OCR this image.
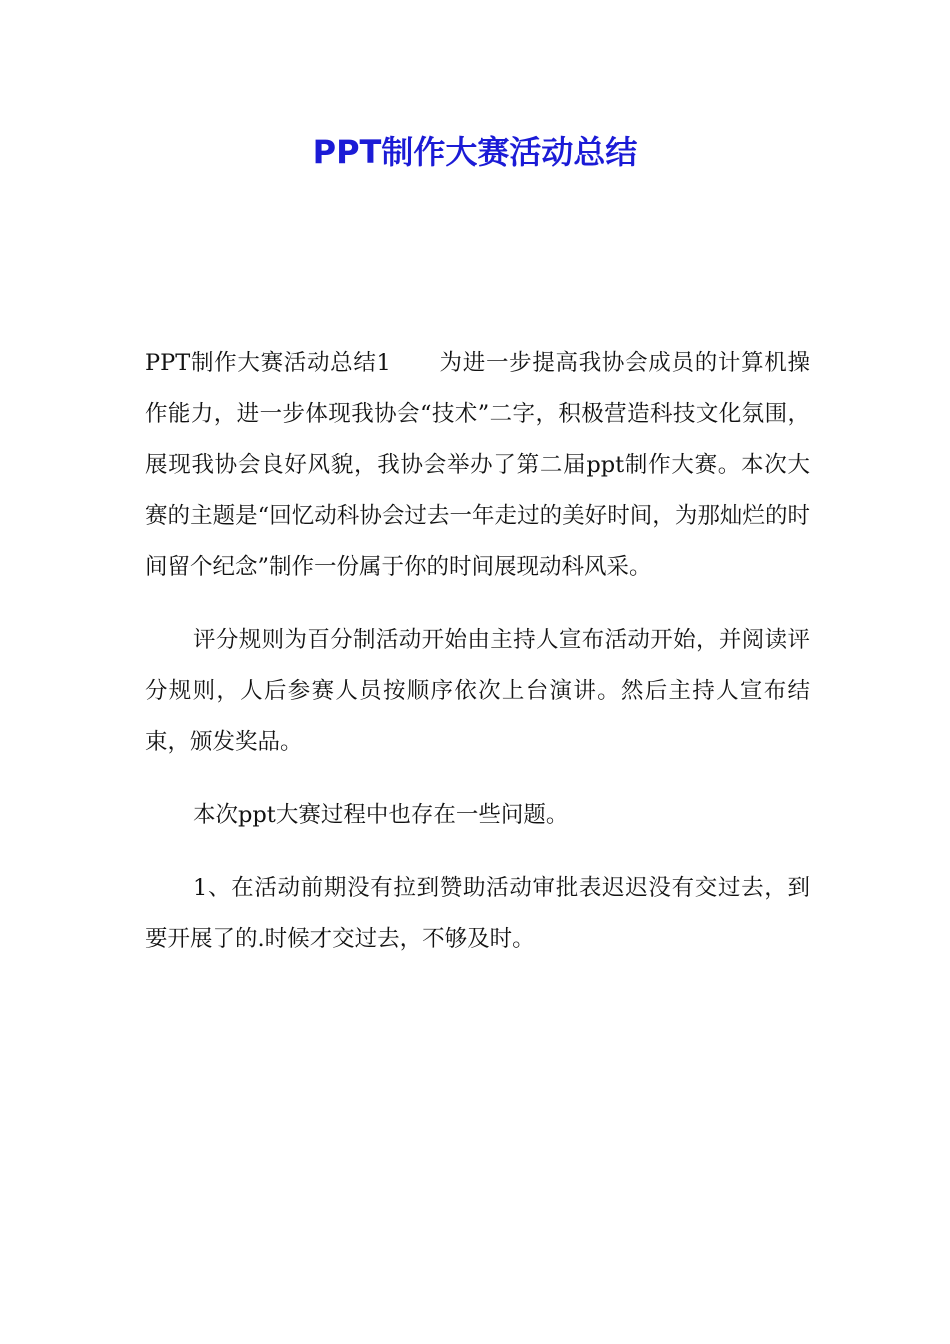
PPT制作大赛活动总结

PPT制作大赛活动总结1 为进一步提高我协会成员的计算机操作能力，进一步体现我协会“技术”二字，积极营造科技文化氛围，展现我协会良好风貌，我协会举办了第二届ppt制作大赛。本次大赛的主题是“回忆动科协会过去一年走过的美好时间，为那灿烂的时间留个纪念”制作一份属于你的时间展现动科风采。

评分规则为百分制活动开始由主持人宣布活动开始，并阅读评分规则，人后参赛人员按顺序依次上台演讲。然后主持人宣布结束，颁发奖品。

本次ppt大赛过程中也存在一些问题。

1、在活动前期没有拉到赞助活动审批表迟迟没有交过去，到要开展了的.时候才交过去，不够及时。
